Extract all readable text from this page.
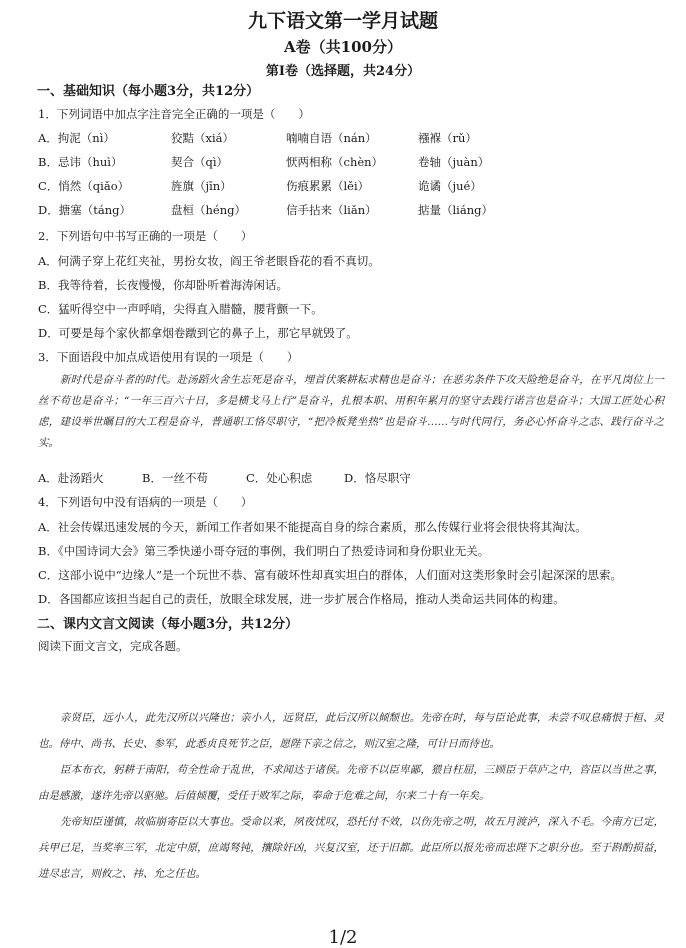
九下语文第一学月试题
A卷（共100分）
第Ⅰ卷（选择题，共24分）
一、基础知识（每小题3分，共12分）
1．下列词语中加点字注音完全正确的一项是（　　）
A．拘泥（nì）	狡黠（xiá）	喃喃自语（nán）	襁褓（rǔ）
B．忌讳（huì）	契合（qì）	恹两相称（chèn）	卷轴（juàn）
C．悄然（qiǎo）	旌旗（jīn）	伤痕累累（lěi）	诡谲（jué）
D．搪塞（táng）	盘桓（héng）	信手拈来（liǎn）	掂量（liáng）
2．下列语句中书写正确的一项是（　　）
A．何满子穿上花红夹祉，男扮女妆，阎王爷老眼昏花的看不真切。
B．我等待着，长夜慢慢，你却卧听着海涛闲话。
C．猛听得空中一声呼哨，尖得直入腊髓，腰背颤一下。
D．可要是每个家伙都拿烟卷蹾到它的鼻子上，那它早就毁了。
3．下面语段中加点成语使用有误的一项是（　　）

新时代是奋斗者的时代。赴汤蹈火舍生忘死是奋斗，埋首伏案耕耘求精也是奋斗；在恶劣条件下攻天险绝是奋斗，在平凡岗位上一丝不苟也是奋斗；“一年三百六十日，多是横戈马上行”是奋斗，扎根本职、用积年累月的坚守去践行诺言也是奋斗；大国工匠处心积虑，建设举世瞩目的大工程是奋斗，普通职工恪尽职守，“把冷板凳坐热”也是奋斗……与时代同行，务必心怀奋斗之志、践行奋斗之实。

A．赴汤蹈火	B．一丝不苟	C．处心积虑	D．恪尽职守
4．下列语句中没有语病的一项是（　　）
A．社会传媒迅速发展的今天，新闻工作者如果不能提高自身的综合素质，那么传媒行业将会很快将其淘汰。
B．《中国诗词大会》第三季快递小哥夺冠的事例，我们明白了热爱诗词和身份职业无关。
C．这部小说中“边缘人”是一个玩世不恭、富有破坏性却真实坦白的群体，人们面对这类形象时会引起深深的思索。
D．各国都应该担当起自己的责任，放眼全球发展，进一步扩展合作格局，推动人类命运共同体的构建。
二、课内文言文阅读（每小题3分，共12分）
阅读下面文言文，完成各题。

亲贤臣，远小人，此先汉所以兴隆也；亲小人，远贤臣，此后汉所以倾颓也。先帝在时，每与臣论此事，未尝不叹息痛恨于桓、灵也。侍中、尚书、长史、参军，此悉贞良死节之臣，愿陛下亲之信之，则汉室之隆，可计日而待也。

臣本布衣，躬耕于南阳，苟全性命于乱世，不求闻达于诸侯。先帝不以臣卑鄙，猥自枉屈，三顾臣于草庐之中，咨臣以当世之事，由是感激，遂许先帝以驱驰。后值倾覆，受任于败军之际，奉命于危难之间，尔来二十有一年矣。

先帝知臣谨慎，故临崩寄臣以大事也。受命以来，夙夜忧叹，恐托付不效，以伤先帝之明，故五月渡泸，深入不毛。今南方已定，兵甲已足，当奖率三军，北定中原，庶竭驽钝，攘除奸凶，兴复汉室，还于旧都。此臣所以报先帝而忠陛下之职分也。至于斟酌损益，进尽忠言，则攸之、祎、允之任也。

1/2
